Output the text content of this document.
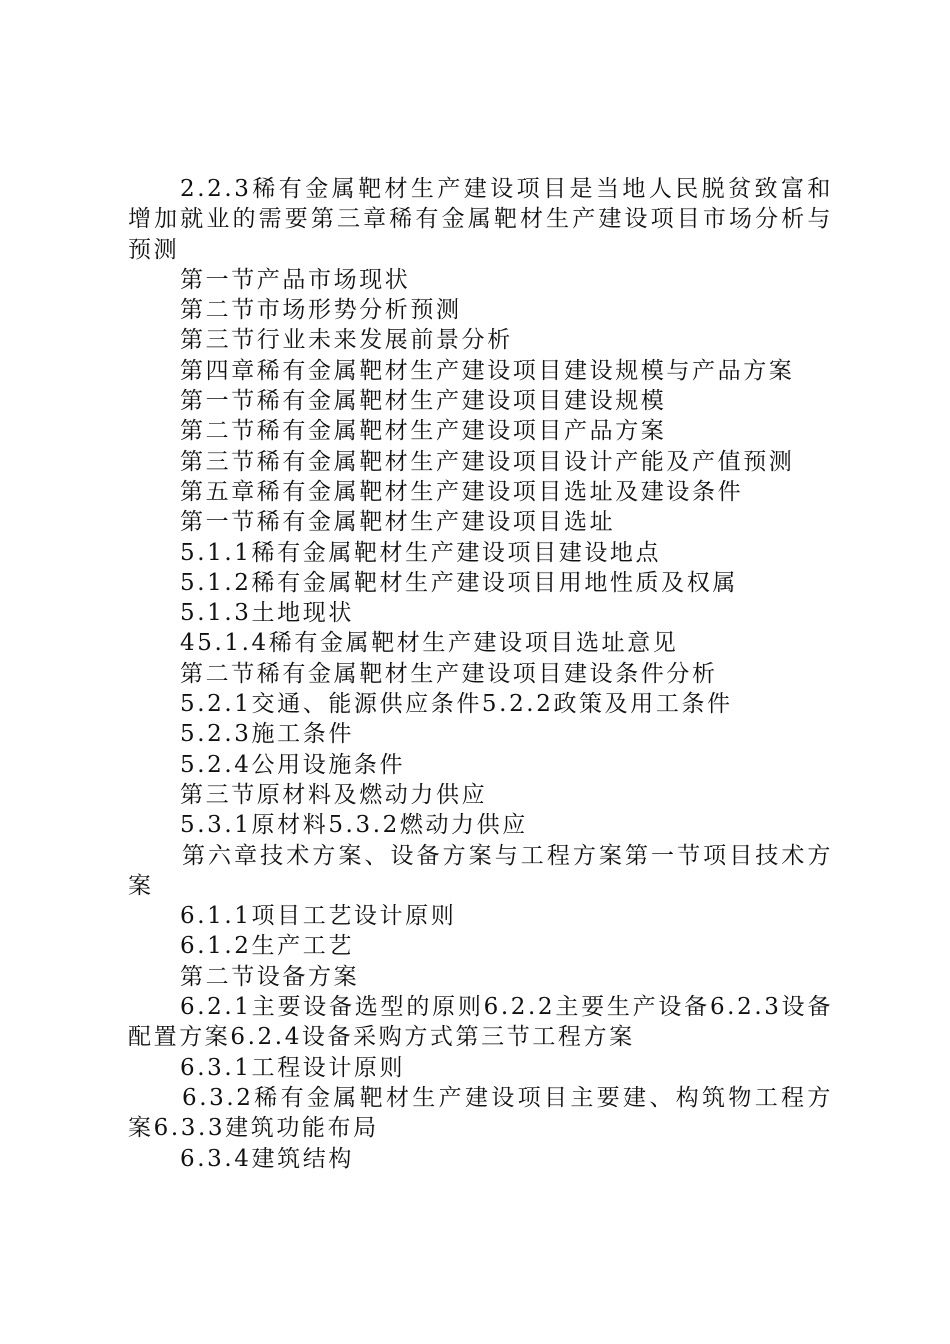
2.2.3稀有金属靶材生产建设项目是当地人民脱贫致富和增加就业的需要第三章稀有金属靶材生产建设项目市场分析与预测

第一节产品市场现状

第二节市场形势分析预测

第三节行业未来发展前景分析

第四章稀有金属靶材生产建设项目建设规模与产品方案

第一节稀有金属靶材生产建设项目建设规模

第二节稀有金属靶材生产建设项目产品方案

第三节稀有金属靶材生产建设项目设计产能及产值预测

第五章稀有金属靶材生产建设项目选址及建设条件

第一节稀有金属靶材生产建设项目选址

5.1.1稀有金属靶材生产建设项目建设地点

5.1.2稀有金属靶材生产建设项目用地性质及权属

5.1.3土地现状

45.1.4稀有金属靶材生产建设项目选址意见

第二节稀有金属靶材生产建设项目建设条件分析

5.2.1交通、能源供应条件5.2.2政策及用工条件

5.2.3施工条件

5.2.4公用设施条件

第三节原材料及燃动力供应

5.3.1原材料5.3.2燃动力供应

第六章技术方案、设备方案与工程方案第一节项目技术方案

6.1.1项目工艺设计原则

6.1.2生产工艺

第二节设备方案

6.2.1主要设备选型的原则6.2.2主要生产设备6.2.3设备配置方案6.2.4设备采购方式第三节工程方案

6.3.1工程设计原则

6.3.2稀有金属靶材生产建设项目主要建、构筑物工程方案6.3.3建筑功能布局

6.3.4建筑结构
